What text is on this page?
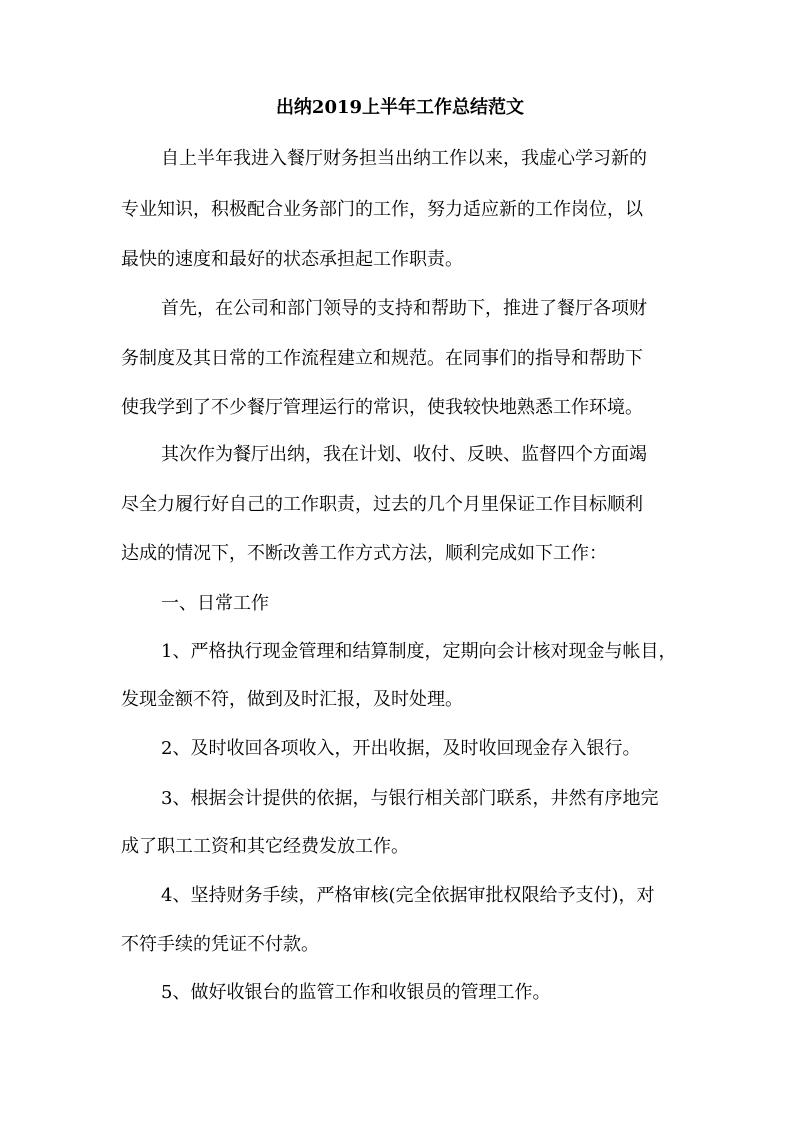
出纳2019上半年工作总结范文

自上半年我进入餐厅财务担当出纳工作以来，我虚心学习新的

专业知识，积极配合业务部门的工作，努力适应新的工作岗位，以

最快的速度和最好的状态承担起工作职责。

首先，在公司和部门领导的支持和帮助下，推进了餐厅各项财

务制度及其日常的工作流程建立和规范。在同事们的指导和帮助下

使我学到了不少餐厅管理运行的常识，使我较快地熟悉工作环境。

其次作为餐厅出纳，我在计划、收付、反映、监督四个方面竭

尽全力履行好自己的工作职责，过去的几个月里保证工作目标顺利

达成的情况下，不断改善工作方式方法，顺利完成如下工作：

一、日常工作

1、严格执行现金管理和结算制度，定期向会计核对现金与帐目，

发现金额不符，做到及时汇报，及时处理。

2、及时收回各项收入，开出收据，及时收回现金存入银行。

3、根据会计提供的依据，与银行相关部门联系，井然有序地完

成了职工工资和其它经费发放工作。

4、坚持财务手续，严格审核(完全依据审批权限给予支付)，对

不符手续的凭证不付款。

5、做好收银台的监管工作和收银员的管理工作。
